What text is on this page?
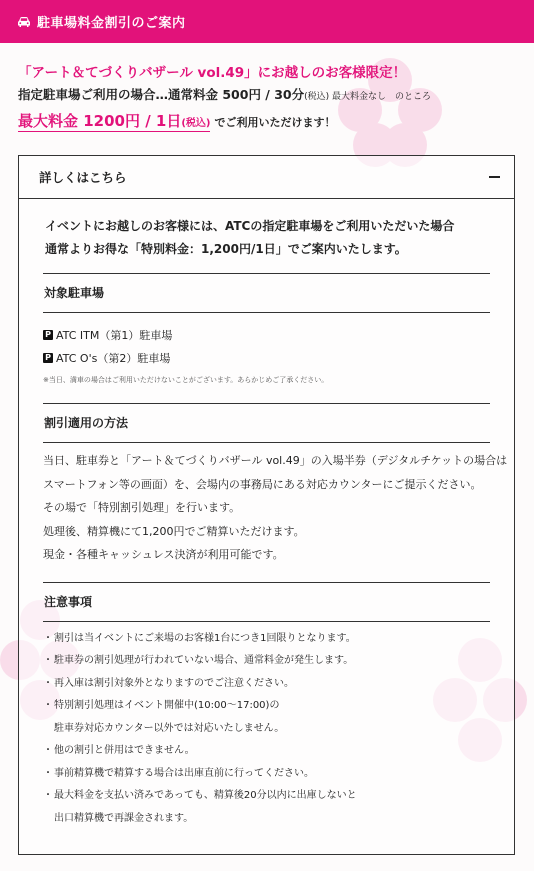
駐車場料金割引のご案内
「アート＆てづくりバザール vol.49」にお越しのお客様限定！
指定駐車場ご利用の場合…通常料金 500円 / 30分(税込) 最大料金なし　のところ
最大料金 1200円 / 1日(税込) でご利用いただけます！
詳しくはこちら
イベントにお越しのお客様には、ATCの指定駐車場をご利用いただいた場合
通常よりお得な「特別料金：1,200円/1日」でご案内いたします。
対象駐車場
P ATC ITM（第1）駐車場
P ATC O's（第2）駐車場
※当日、満車の場合はご利用いただけないことがございます。あらかじめご了承ください。
割引適用の方法
当日、駐車券と「アート＆てづくりバザール vol.49」の入場半券（デジタルチケットの場合は
スマートフォン等の画面）を、会場内の事務局にある対応カウンターにご提示ください。
その場で「特別割引処理」を行います。
処理後、精算機にて1,200円でご精算いただけます。
現金・各種キャッシュレス決済が利用可能です。
注意事項
・割引は当イベントにご来場のお客様1台につき1回限りとなります。
・駐車券の割引処理が行われていない場合、通常料金が発生します。
・再入庫は割引対象外となりますのでご注意ください。
・特別割引処理はイベント開催中(10:00〜17:00)の
駐車券対応カウンター以外では対応いたしません。
・他の割引と併用はできません。
・事前精算機で精算する場合は出庫直前に行ってください。
・最大料金を支払い済みであっても、精算後20分以内に出庫しないと
出口精算機で再課金されます。
